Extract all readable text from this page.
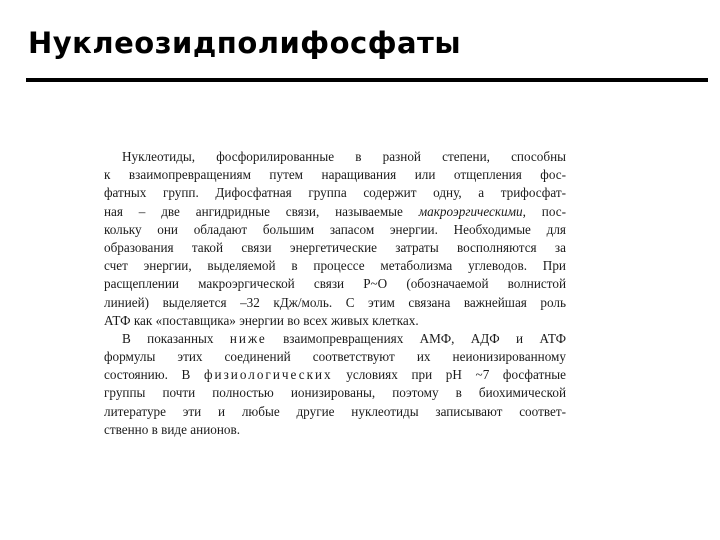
Нуклеозидполифосфаты
Нуклеотиды, фосфорилированные в разной степени, способны
к взаимопревращениям путем наращивания или отщепления фос-
фатных групп. Дифосфатная группа содержит одну, а трифосфат-
ная – две ангидридные связи, называемые макроэргическими, пос-
кольку они обладают большим запасом энергии. Необходимые для
образования такой связи энергетические затраты восполняются за
счет энергии, выделяемой в процессе метаболизма углеводов. При
расщеплении макроэргической связи Р~О (обозначаемой волнистой
линией) выделяется –32 кДж/моль. С этим связана важнейшая роль
АТФ как «поставщика» энергии во всех живых клетках.
В показанных ниже взаимопревращениях АМФ, АДФ и АТФ
формулы этих соединений соответствуют их неионизированному
состоянию. В физиологических условиях при рН ~7 фосфатные
группы почти полностью ионизированы, поэтому в биохимической
литературе эти и любые другие нуклеотиды записывают соответ-
ственно в виде анионов.
